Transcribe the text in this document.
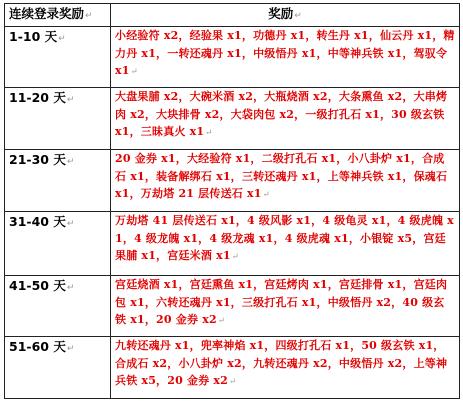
连续登录奖励↵	奖励↵
1-10 天↵	小经验符 x2，经验果 x1，功德丹 x1，转生丹 x1，仙云丹 x1，精力丹 x1，一转还魂丹 x1，中级悟丹 x1，中等神兵铁 x1，驾驭令 x1↵
11-20 天↵	大盘果脯 x2，大碗米酒 x2，大瓶烧酒 x2，大条熏鱼 x2，大串烤肉 x2，大块排骨 x2，大袋肉包 x2，一级打孔石 x1，30 级玄铁 x1，三昧真火 x1↵
21-30 天↵	20 金券 x1，大经验符 x1，二级打孔石 x1，小八卦炉 x1，合成石 x1，装备解绑石 x1，三转还魂丹 x1，上等神兵铁 x1，保魂石 x1，万劫塔 21 层传送石 x1↵
31-40 天↵	万劫塔 41 层传送石 x1，4 级风影 x1，4 级龟灵 x1，4 级虎魄 x1，4 级龙魄 x1，4 级龙魂 x1，4 级虎魂 x1，小银锭 x5，宫廷果脯 x1，宫廷米酒 x1↵
41-50 天↵	宫廷烧酒 x1，宫廷熏鱼 x1，宫廷烤肉 x1，宫廷排骨 x1，宫廷肉包 x1，六转还魂丹 x1，三级打孔石 x1，中级悟丹 x2，40 级玄铁 x1，20 金券 x2↵
51-60 天↵	九转还魂丹 x1，兜率神焰 x1，四级打孔石 x1，50 级玄铁 x1，合成石 x2，小八卦炉 x2，九转还魂丹 x2，中级悟丹 x2，上等神兵铁 x5，20 金券 x2↵
